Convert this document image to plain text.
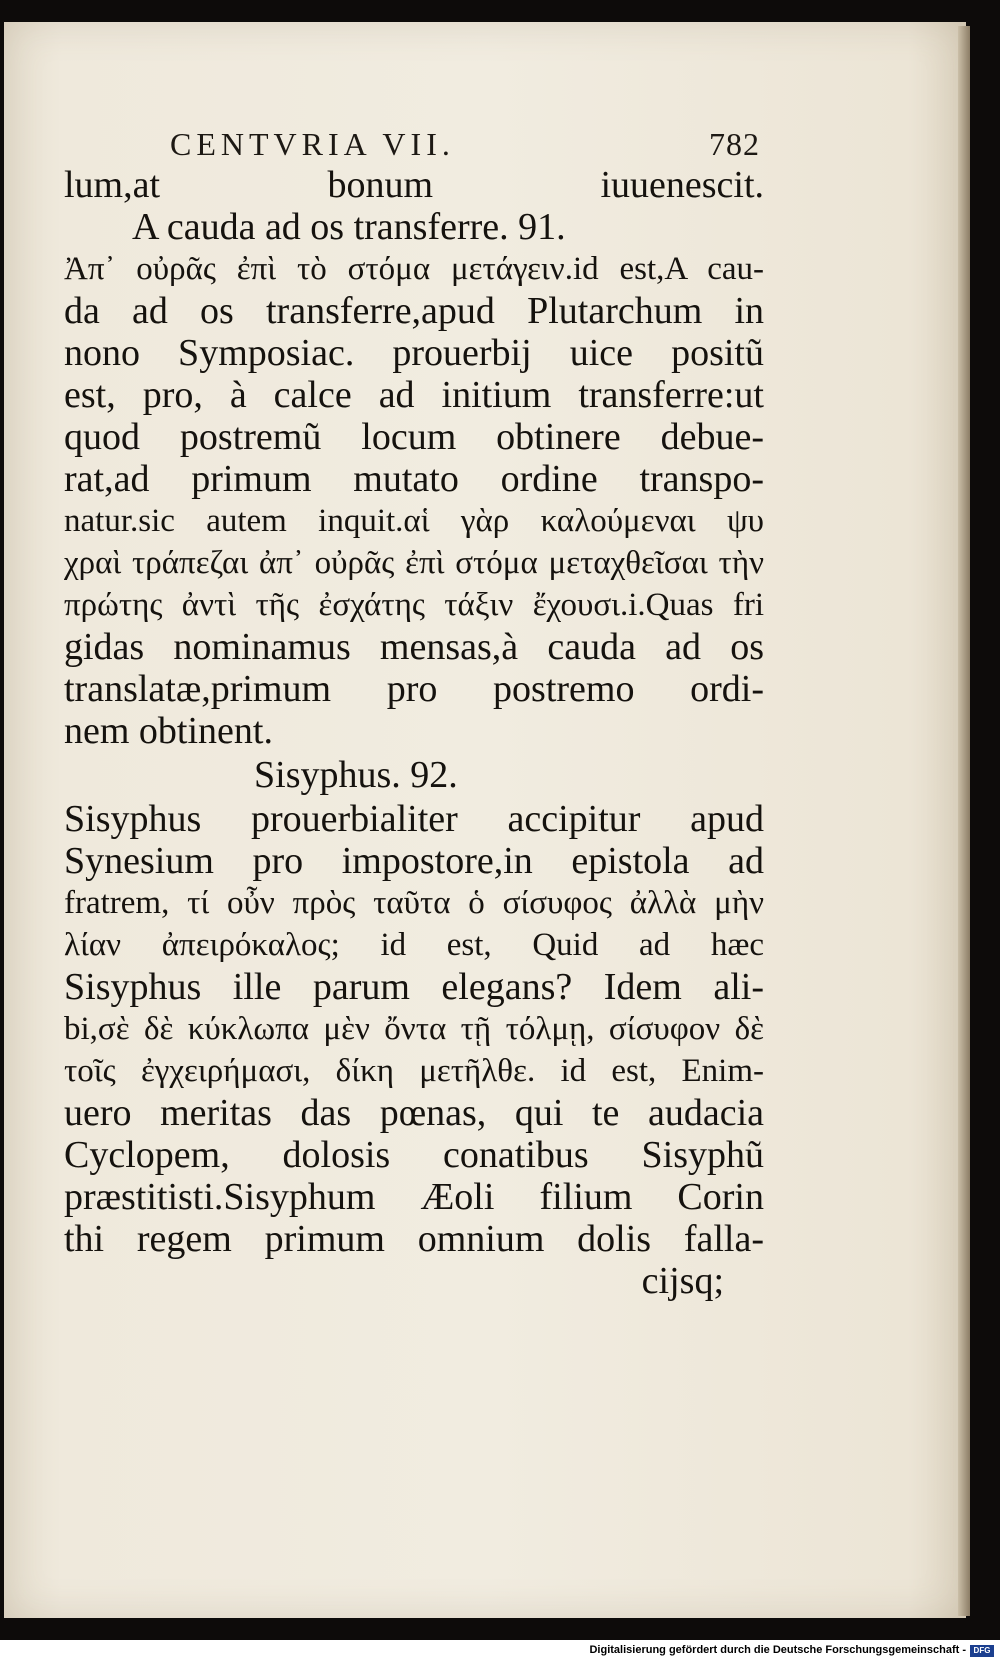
CENTVRIA VII.	782
lum,at bonum iuuenescit.
A cauda ad os transferre. 91.
Ἀπ᾽ οὐρᾶς ἐπὶ τὸ στόμα μετάγειν.id est,A cau-
da ad os transferre,apud Plutarchum in
nono Symposiac. prouerbij uice positũ
est, pro, à calce ad initium transferre:ut
quod postremũ locum obtinere debue-
rat,ad primum mutato ordine transpo-
natur.sic autem inquit.αἱ γὰρ καλούμεναι ψυ
χραὶ τράπεζαι ἀπ᾽ οὐρᾶς ἐπὶ στόμα μεταχθεῖσαι τὴν
πρώτης ἀντὶ τῆς ἐσχάτης τάξιν ἔχουσι.i.Quas fri
gidas nominamus mensas,à cauda ad os
translatæ,primum pro postremo ordi-
nem obtinent.
Sisyphus. 92.
Sisyphus prouerbialiter accipitur apud
Synesium pro impostore,in epistola ad
fratrem, τί οὖν πρὸς ταῦτα ὁ σίσυφος ἀλλὰ μὴν
λίαν ἀπειρόκαλος; id est, Quid ad hæc
Sisyphus ille parum elegans? Idem ali-
bi,σὲ δὲ κύκλωπα μὲν ὄντα τῇ τόλμῃ, σίσυφον δὲ
τοῖς ἐγχειρήμασι, δίκη μετῆλθε. id est, Enim-
uero meritas das pœnas, qui te audacia
Cyclopem, dolosis conatibus Sisyphũ
præstitisti.Sisyphum Æoli filium Corin
thi regem primum omnium dolis falla-
cijsq;
Digitalisierung gefördert durch die Deutsche Forschungsgemeinschaft - DFG
